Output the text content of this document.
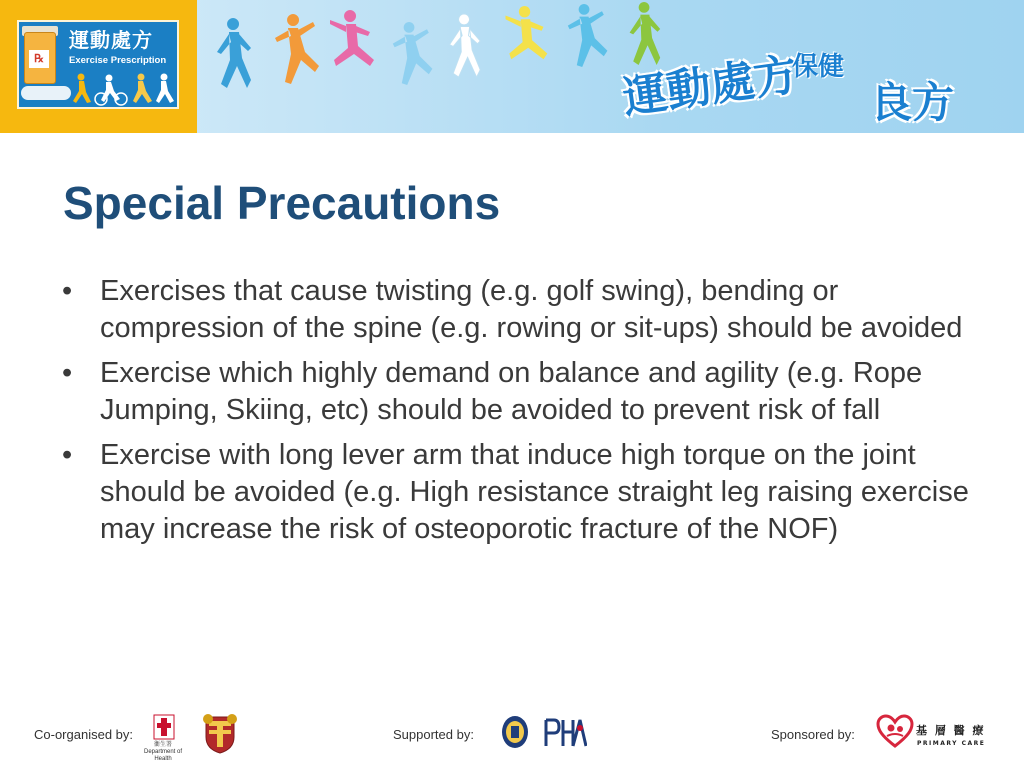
℞
運動處方
Exercise Prescription	運動處方
保健
良方
Special Precautions
• Exercises that cause twisting (e.g. golf swing), bending or compression of the spine (e.g. rowing or sit-ups) should be avoided
• Exercise which highly demand on balance and agility (e.g. Rope Jumping, Skiing, etc) should be avoided to prevent risk of fall
• Exercise with long lever arm that induce high torque on the joint should be avoided (e.g. High resistance straight leg raising exercise may increase the risk of osteoporotic fracture of the NOF)
Co-organised by:
衞生署
Department of Health
Supported by:	Sponsored by:	基 層 醫 療
PRIMARY CARE
